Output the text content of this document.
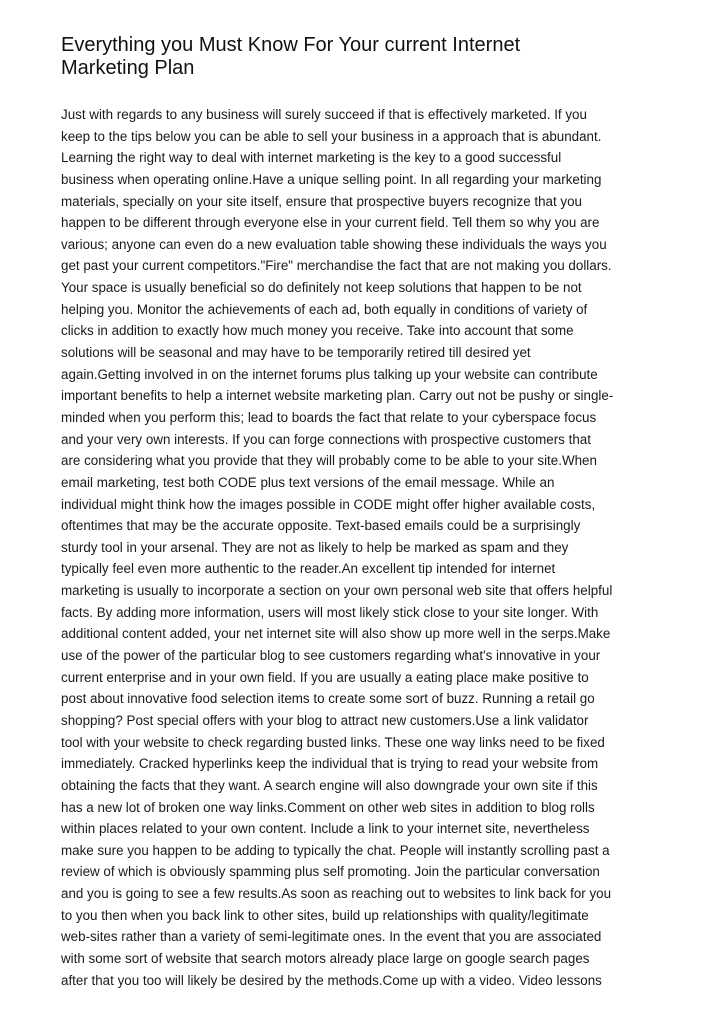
Everything you Must Know For Your current Internet
Marketing Plan
Just with regards to any business will surely succeed if that is effectively marketed. If you
keep to the tips below you can be able to sell your business in a approach that is abundant.
Learning the right way to deal with internet marketing is the key to a good successful
business when operating online.Have a unique selling point. In all regarding your marketing
materials, specially on your site itself, ensure that prospective buyers recognize that you
happen to be different through everyone else in your current field. Tell them so why you are
various; anyone can even do a new evaluation table showing these individuals the ways you
get past your current competitors."Fire" merchandise the fact that are not making you dollars.
Your space is usually beneficial so do definitely not keep solutions that happen to be not
helping you. Monitor the achievements of each ad, both equally in conditions of variety of
clicks in addition to exactly how much money you receive. Take into account that some
solutions will be seasonal and may have to be temporarily retired till desired yet
again.Getting involved in on the internet forums plus talking up your website can contribute
important benefits to help a internet website marketing plan. Carry out not be pushy or single-
minded when you perform this; lead to boards the fact that relate to your cyberspace focus
and your very own interests. If you can forge connections with prospective customers that
are considering what you provide that they will probably come to be able to your site.When
email marketing, test both CODE plus text versions of the email message. While an
individual might think how the images possible in CODE might offer higher available costs,
oftentimes that may be the accurate opposite. Text-based emails could be a surprisingly
sturdy tool in your arsenal. They are not as likely to help be marked as spam and they
typically feel even more authentic to the reader.An excellent tip intended for internet
marketing is usually to incorporate a section on your own personal web site that offers helpful
facts. By adding more information, users will most likely stick close to your site longer. With
additional content added, your net internet site will also show up more well in the serps.Make
use of the power of the particular blog to see customers regarding what's innovative in your
current enterprise and in your own field. If you are usually a eating place make positive to
post about innovative food selection items to create some sort of buzz. Running a retail go
shopping? Post special offers with your blog to attract new customers.Use a link validator
tool with your website to check regarding busted links. These one way links need to be fixed
immediately. Cracked hyperlinks keep the individual that is trying to read your website from
obtaining the facts that they want. A search engine will also downgrade your own site if this
has a new lot of broken one way links.Comment on other web sites in addition to blog rolls
within places related to your own content. Include a link to your internet site, nevertheless
make sure you happen to be adding to typically the chat. People will instantly scrolling past a
review of which is obviously spamming plus self promoting. Join the particular conversation
and you is going to see a few results.As soon as reaching out to websites to link back for you
to you then when you back link to other sites, build up relationships with quality/legitimate
web-sites rather than a variety of semi-legitimate ones. In the event that you are associated
with some sort of website that search motors already place large on google search pages
after that you too will likely be desired by the methods.Come up with a video. Video lessons
